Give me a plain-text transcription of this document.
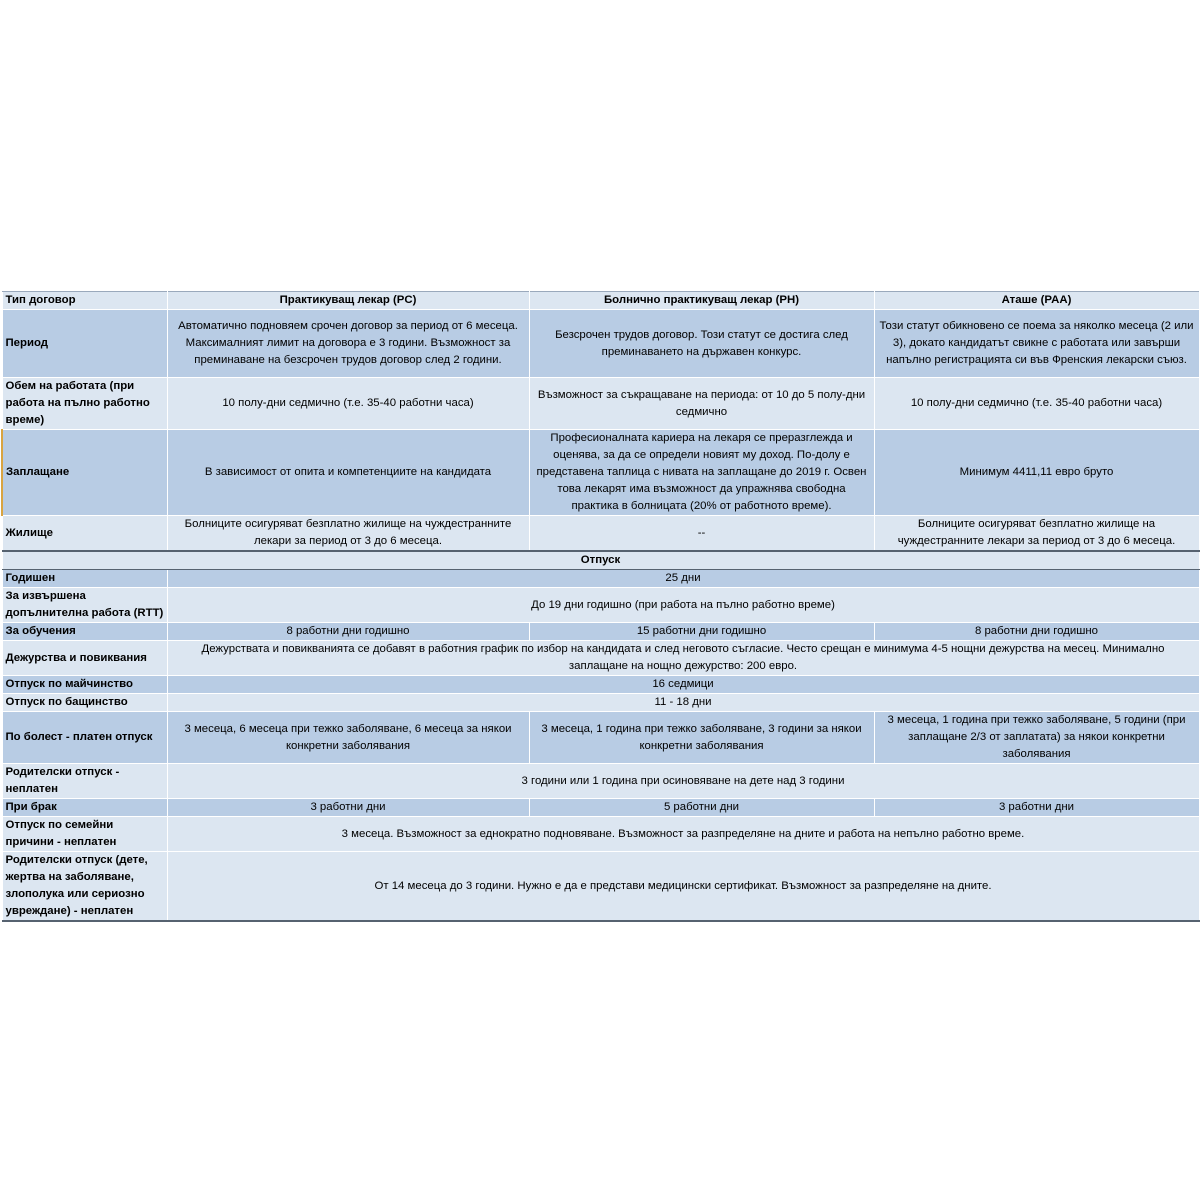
Тип договор	Практикуващ лекар (PC)	Болнично практикуващ лекар (PH)	Аташе (PAA)
Период	Автоматично подновяем срочен договор за период от 6 месеца. Максималният лимит на договора е 3 години. Възможност за преминаване на безсрочен трудов договор след 2 години.	Безсрочен трудов договор. Този статут се достига след преминаването на държавен конкурс.	Този статут обикновено се поема за няколко месеца (2 или 3), докато кандидатът свикне с работата или завърши напълно регистрацията си във Френския лекарски съюз.
Обем на работата (при работа на пълно работно време)	10 полу-дни седмично (т.е. 35-40 работни часа)	Възможност за съкращаване на периода: от 10 до 5 полу-дни седмично	10 полу-дни седмично (т.е. 35-40 работни часа)
Заплащане	В зависимост от опита и компетенциите на кандидата	Професионалната кариера на лекаря се преразглежда и оценява, за да се определи новият му доход. По-долу е представена таплица с нивата на заплащане до 2019 г. Освен това лекарят има възможност да упражнява свободна практика в болницата (20% от работното време).	Минимум 4411,11 евро бруто
Жилище	Болниците осигуряват безплатно жилище на чуждестранните лекари за период от 3 до 6 месеца.	--	Болниците осигуряват безплатно жилище на чуждестранните лекари за период от 3 до 6 месеца.
Отпуск			
Годишен	25 дни		
За извършена допълнителна работа (RTT)	До 19 дни годишно (при работа на пълно работно време)		
За обучения	8 работни дни годишно	15 работни дни годишно	8 работни дни годишно
Дежурства и повиквания	Дежурствата и повикванията се добавят в работния график по избор на кандидата и след неговото съгласие. Често срещан е минимума 4-5 нощни дежурства на месец. Минимално заплащане на нощно дежурство: 200 евро.		
Отпуск по майчинство	16 седмици		
Отпуск по бащинство	11 - 18 дни		
По болест - платен отпуск	3 месеца, 6 месеца при тежко заболяване, 6 месеца за някои конкретни заболявания	3 месеца, 1 година при тежко заболяване, 3 години за някои конкретни заболявания	3 месеца, 1 година при тежко заболяване, 5 години (при заплащане 2/3 от заплатата) за някои конкретни заболявания
Родителски отпуск - неплатен	3 години или 1 година при осиновяване на дете над 3 години		
При брак	3 работни дни	5 работни дни	3 работни дни
Отпуск по семейни причини - неплатен	3 месеца. Възможност за еднократно подновяване. Възможност за разпределяне на дните и работа на непълно работно време.		
Родителски отпуск (дете, жертва на заболяване, злополука или сериозно увреждане) - неплатен	От 14 месеца до 3 години. Нужно е да е представи медицински сертификат. Възможност за разпределяне на дните.		
